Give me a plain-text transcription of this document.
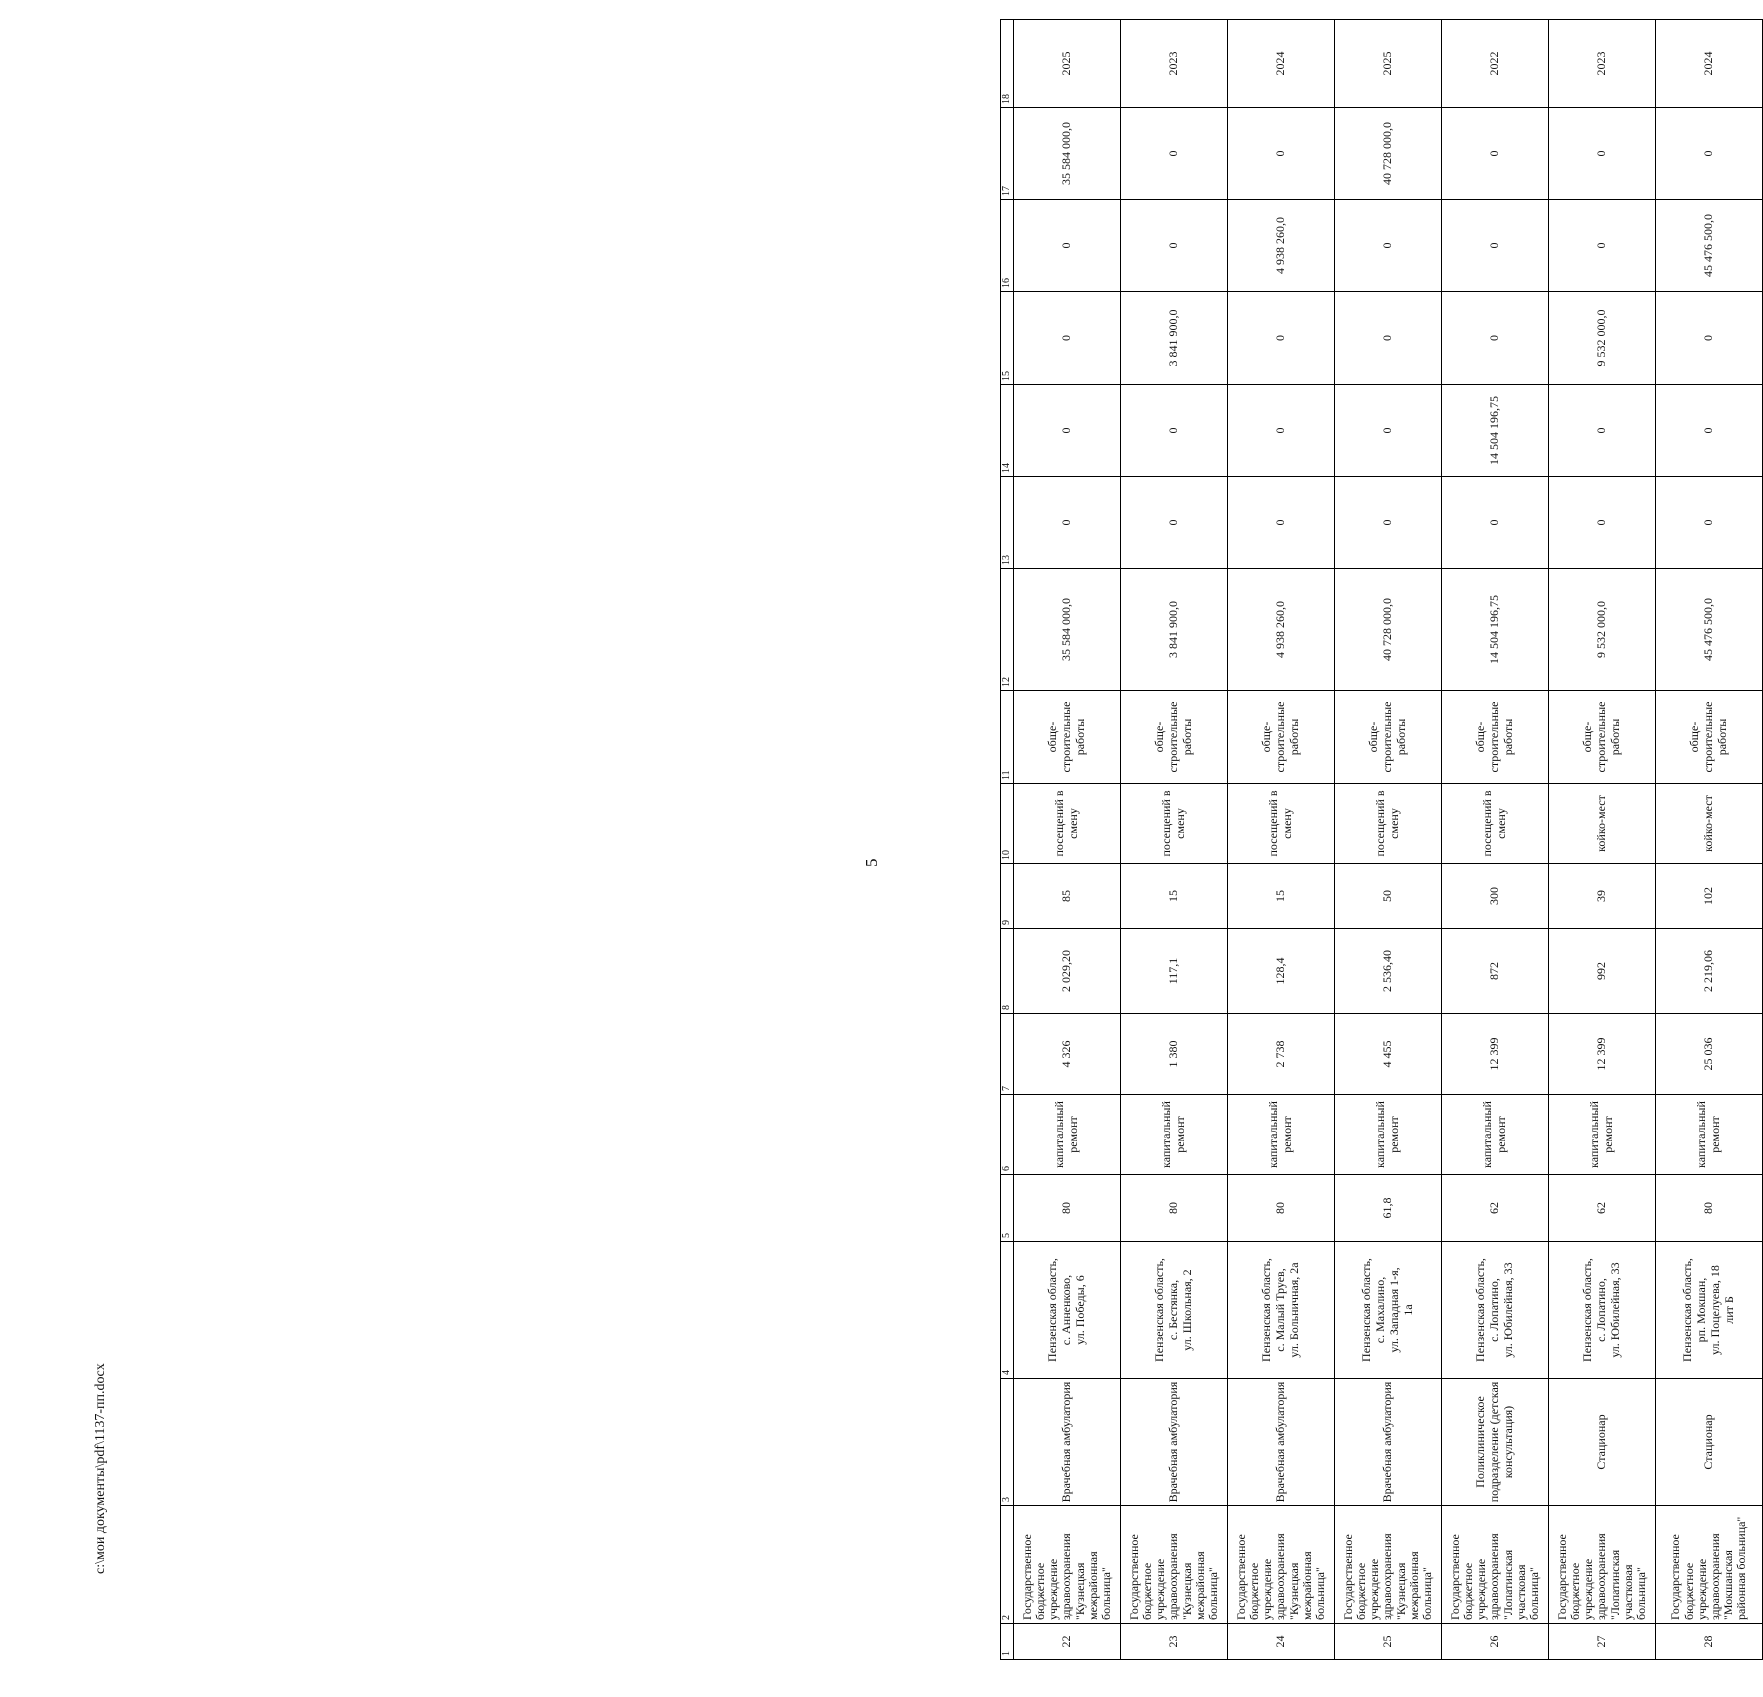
5
c:\мои документы\pdf\1137-пп.docx
1	2	3	4	5	6	7	8	9	10	11	12	13	14	15	16	17	18
22	Государственное бюджетное учреждение здравоохранения "Кузнецкая межрайонная больница"	Врачебная амбулатория	Пензенская область,
с. Анненково,
ул. Победы, 6	80	капитальный ремонт	4 326	2 029,20	85	посещений в смену	обще-строительные работы	35 584 000,0	0	0	0	0	35 584 000,0	2025
23	Государственное бюджетное учреждение здравоохранения "Кузнецкая межрайонная больница"	Врачебная амбулатория	Пензенская область,
с. Бестянка,
ул. Школьная, 2	80	капитальный ремонт	1 380	117,1	15	посещений в смену	обще-строительные работы	3 841 900,0	0	0	3 841 900,0	0	0	2023
24	Государственное бюджетное учреждение здравоохранения "Кузнецкая межрайонная больница"	Врачебная амбулатория	Пензенская область,
с. Малый Труев,
ул. Больничная, 2а	80	капитальный ремонт	2 738	128,4	15	посещений в смену	обще-строительные работы	4 938 260,0	0	0	0	4 938 260,0	0	2024
25	Государственное бюджетное учреждение здравоохранения "Кузнецкая межрайонная больница"	Врачебная амбулатория	Пензенская область,
с. Махалино,
ул. Западная 1-я,
1а	61,8	капитальный ремонт	4 455	2 536,40	50	посещений в смену	обще-строительные работы	40 728 000,0	0	0	0	0	40 728 000,0	2025
26	Государственное бюджетное учреждение здравоохранения "Лопатинская участковая больница"	Поликлиническое подразделение (детская консультация)	Пензенская область,
с. Лопатино,
ул. Юбилейная, 33	62	капитальный ремонт	12 399	872	300	посещений в смену	обще-строительные работы	14 504 196,75	0	14 504 196,75	0	0	0	2022
27	Государственное бюджетное учреждение здравоохранения "Лопатинская участковая больница"	Стационар	Пензенская область,
с. Лопатино,
ул. Юбилейная, 33	62	капитальный ремонт	12 399	992	39	койко-мест	обще-строительные работы	9 532 000,0	0	0	9 532 000,0	0	0	2023
28	Государственное бюджетное учреждение здравоохранения "Мокшанская районная больница"	Стационар	Пензенская область,
рп. Мокшан,
ул. Поцелуева, 18
лит Б	80	капитальный ремонт	25 036	2 219,06	102	койко-мест	обще-строительные работы	45 476 500,0	0	0	0	45 476 500,0	0	2024
